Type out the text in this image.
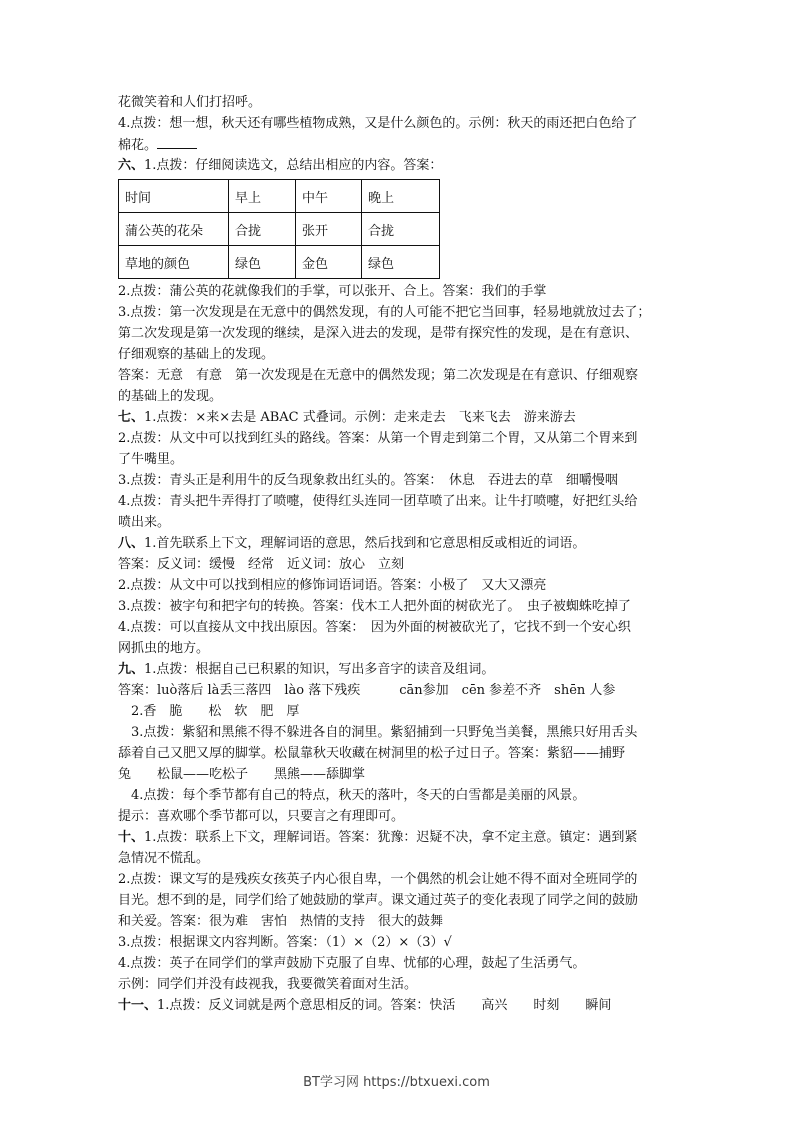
花微笑着和人们打招呼。
4.点拨：想一想，秋天还有哪些植物成熟，又是什么颜色的。示例：秋天的雨还把白色给了
棉花。
六、1.点拨：仔细阅读选文，总结出相应的内容。答案：
时间	早上	中午	晚上
蒲公英的花朵	合拢	张开	合拢
草地的颜色	绿色	金色	绿色
2.点拨：蒲公英的花就像我们的手掌，可以张开、合上。答案：我们的手掌
3.点拨：第一次发现是在无意中的偶然发现，有的人可能不把它当回事，轻易地就放过去了；
第二次发现是第一次发现的继续，是深入进去的发现，是带有探究性的发现，是在有意识、
仔细观察的基础上的发现。
答案：无意　有意　第一次发现是在无意中的偶然发现；第二次发现是在有意识、仔细观察
的基础上的发现。
七、1.点拨：×来×去是 ABAC 式叠词。示例：走来走去　飞来飞去　游来游去
2.点拨：从文中可以找到红头的路线。答案：从第一个胃走到第二个胃，又从第二个胃来到
了牛嘴里。
3.点拨：青头正是利用牛的反刍现象救出红头的。答案：　休息　吞进去的草　细嚼慢咽
4.点拨：青头把牛弄得打了喷嚏，使得红头连同一团草喷了出来。让牛打喷嚏，好把红头给
喷出来。
八、1.首先联系上下文，理解词语的意思，然后找到和它意思相反或相近的词语。
答案：反义词：缓慢　经常　近义词：放心　立刻
2.点拨：从文中可以找到相应的修饰词语词语。答案：小极了　又大又漂亮
3.点拨：被字句和把字句的转换。答案：伐木工人把外面的树砍光了。　虫子被蜘蛛吃掉了
4.点拨：可以直接从文中找出原因。答案：　因为外面的树被砍光了，它找不到一个安心织
网抓虫的地方。
九、1.点拨：根据自己已积累的知识，写出多音字的读音及组词。
答案：luò落后 là丢三落四　lào 落下残疾　　　cān参加　cēn 参差不齐　shēn 人参
　2.香　脆　　松　软　肥　厚
　3.点拨：紫貂和黑熊不得不躲进各自的洞里。紫貂捕到一只野兔当美餐，黑熊只好用舌头
舔着自己又肥又厚的脚掌。松鼠靠秋天收藏在树洞里的松子过日子。答案：紫貂——捕野
兔　　松鼠——吃松子　　黑熊——舔脚掌
　4.点拨：每个季节都有自己的特点，秋天的落叶，冬天的白雪都是美丽的风景。
提示：喜欢哪个季节都可以，只要言之有理即可。
十、1.点拨：联系上下文，理解词语。答案：犹豫：迟疑不决，拿不定主意。镇定：遇到紧
急情况不慌乱。
2.点拨：课文写的是残疾女孩英子内心很自卑，一个偶然的机会让她不得不面对全班同学的
目光。想不到的是，同学们给了她鼓励的掌声。课文通过英子的变化表现了同学之间的鼓励
和关爱。答案：很为难　害怕　热情的支持　很大的鼓舞
3.点拨：根据课文内容判断。答案：（1）×（2）×（3）√
4.点拨：英子在同学们的掌声鼓励下克服了自卑、忧郁的心理，鼓起了生活勇气。
示例：同学们并没有歧视我，我要微笑着面对生活。
十一、1.点拨：反义词就是两个意思相反的词。答案：快活　　高兴　　时刻　　瞬间
BT学习网 https://btxuexi.com
